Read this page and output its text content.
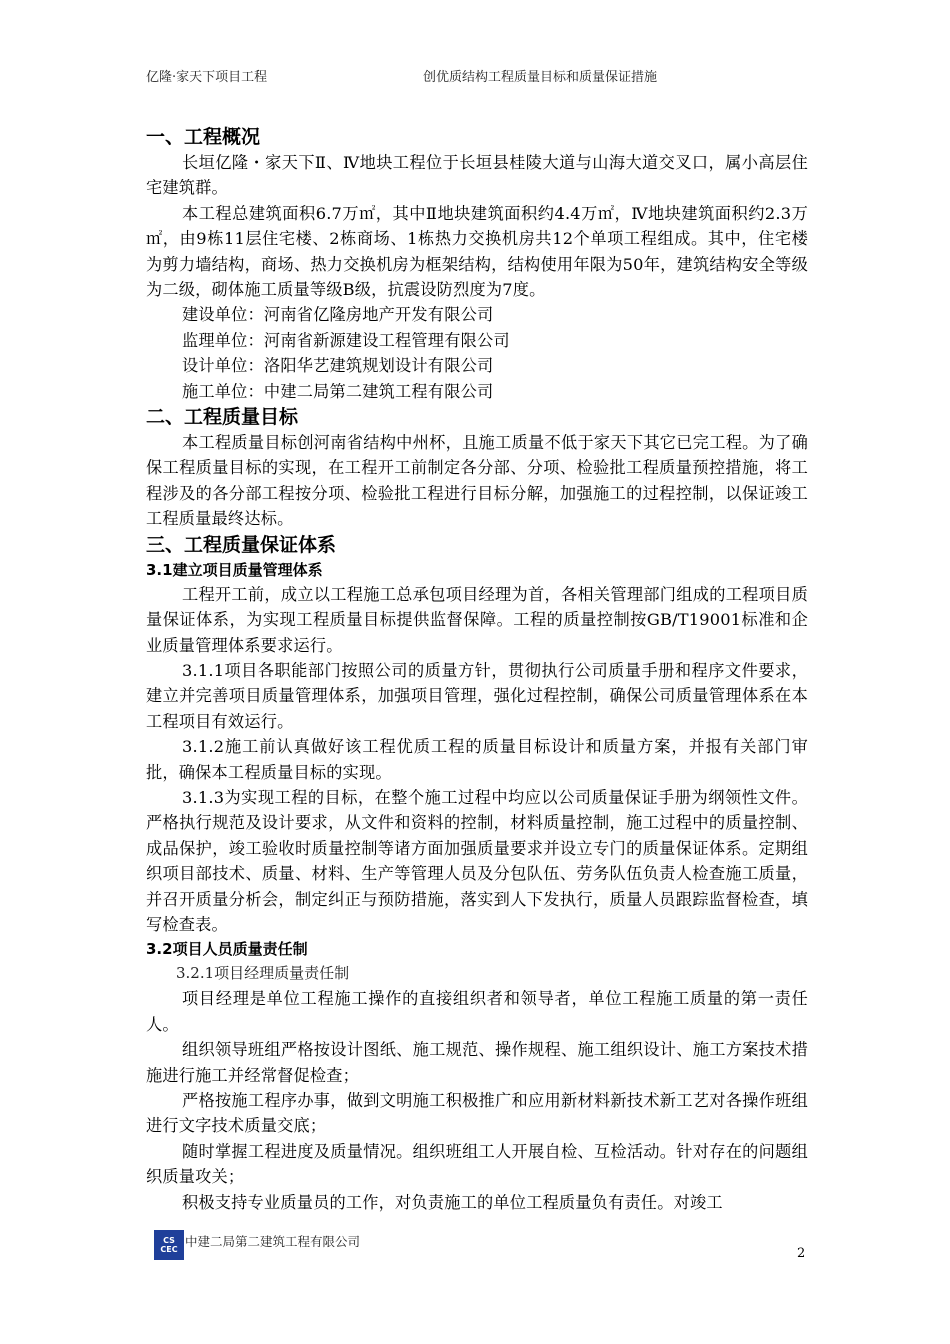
亿隆·家天下项目工程	创优质结构工程质量目标和质量保证措施
一、工程概况
长垣亿隆・家天下Ⅱ、Ⅳ地块工程位于长垣县桂陵大道与山海大道交叉口，属小高层住宅建筑群。
本工程总建筑面积6.7万㎡，其中Ⅱ地块建筑面积约4.4万㎡，Ⅳ地块建筑面积约2.3万㎡，由9栋11层住宅楼、2栋商场、1栋热力交换机房共12个单项工程组成。其中，住宅楼为剪力墙结构，商场、热力交换机房为框架结构，结构使用年限为50年，建筑结构安全等级为二级，砌体施工质量等级B级，抗震设防烈度为7度。
建设单位：河南省亿隆房地产开发有限公司
监理单位：河南省新源建设工程管理有限公司
设计单位：洛阳华艺建筑规划设计有限公司
施工单位：中建二局第二建筑工程有限公司
二、工程质量目标
本工程质量目标创河南省结构中州杯，且施工质量不低于家天下其它已完工程。为了确保工程质量目标的实现，在工程开工前制定各分部、分项、检验批工程质量预控措施，将工程涉及的各分部工程按分项、检验批工程进行目标分解，加强施工的过程控制，以保证竣工工程质量最终达标。
三、工程质量保证体系
3.1建立项目质量管理体系
工程开工前，成立以工程施工总承包项目经理为首，各相关管理部门组成的工程项目质量保证体系，为实现工程质量目标提供监督保障。工程的质量控制按GB/T19001标准和企业质量管理体系要求运行。
3.1.1项目各职能部门按照公司的质量方针，贯彻执行公司质量手册和程序文件要求，建立并完善项目质量管理体系，加强项目管理，强化过程控制，确保公司质量管理体系在本工程项目有效运行。
3.1.2施工前认真做好该工程优质工程的质量目标设计和质量方案，并报有关部门审批，确保本工程质量目标的实现。
3.1.3为实现工程的目标，在整个施工过程中均应以公司质量保证手册为纲领性文件。严格执行规范及设计要求，从文件和资料的控制，材料质量控制，施工过程中的质量控制、成品保护，竣工验收时质量控制等诸方面加强质量要求并设立专门的质量保证体系。定期组织项目部技术、质量、材料、生产等管理人员及分包队伍、劳务队伍负责人检查施工质量，并召开质量分析会，制定纠正与预防措施，落实到人下发执行，质量人员跟踪监督检查，填写检查表。
3.2项目人员质量责任制
3.2.1项目经理质量责任制
项目经理是单位工程施工操作的直接组织者和领导者，单位工程施工质量的第一责任人。
组织领导班组严格按设计图纸、施工规范、操作规程、施工组织设计、施工方案技术措施进行施工并经常督促检查；
严格按施工程序办事，做到文明施工积极推广和应用新材料新技术新工艺对各操作班组进行文字技术质量交底；
随时掌握工程进度及质量情况。组织班组工人开展自检、互检活动。针对存在的问题组织质量攻关；
积极支持专业质量员的工作，对负责施工的单位工程质量负有责任。对竣工
CS
CEC
中建二局第二建筑工程有限公司
2
